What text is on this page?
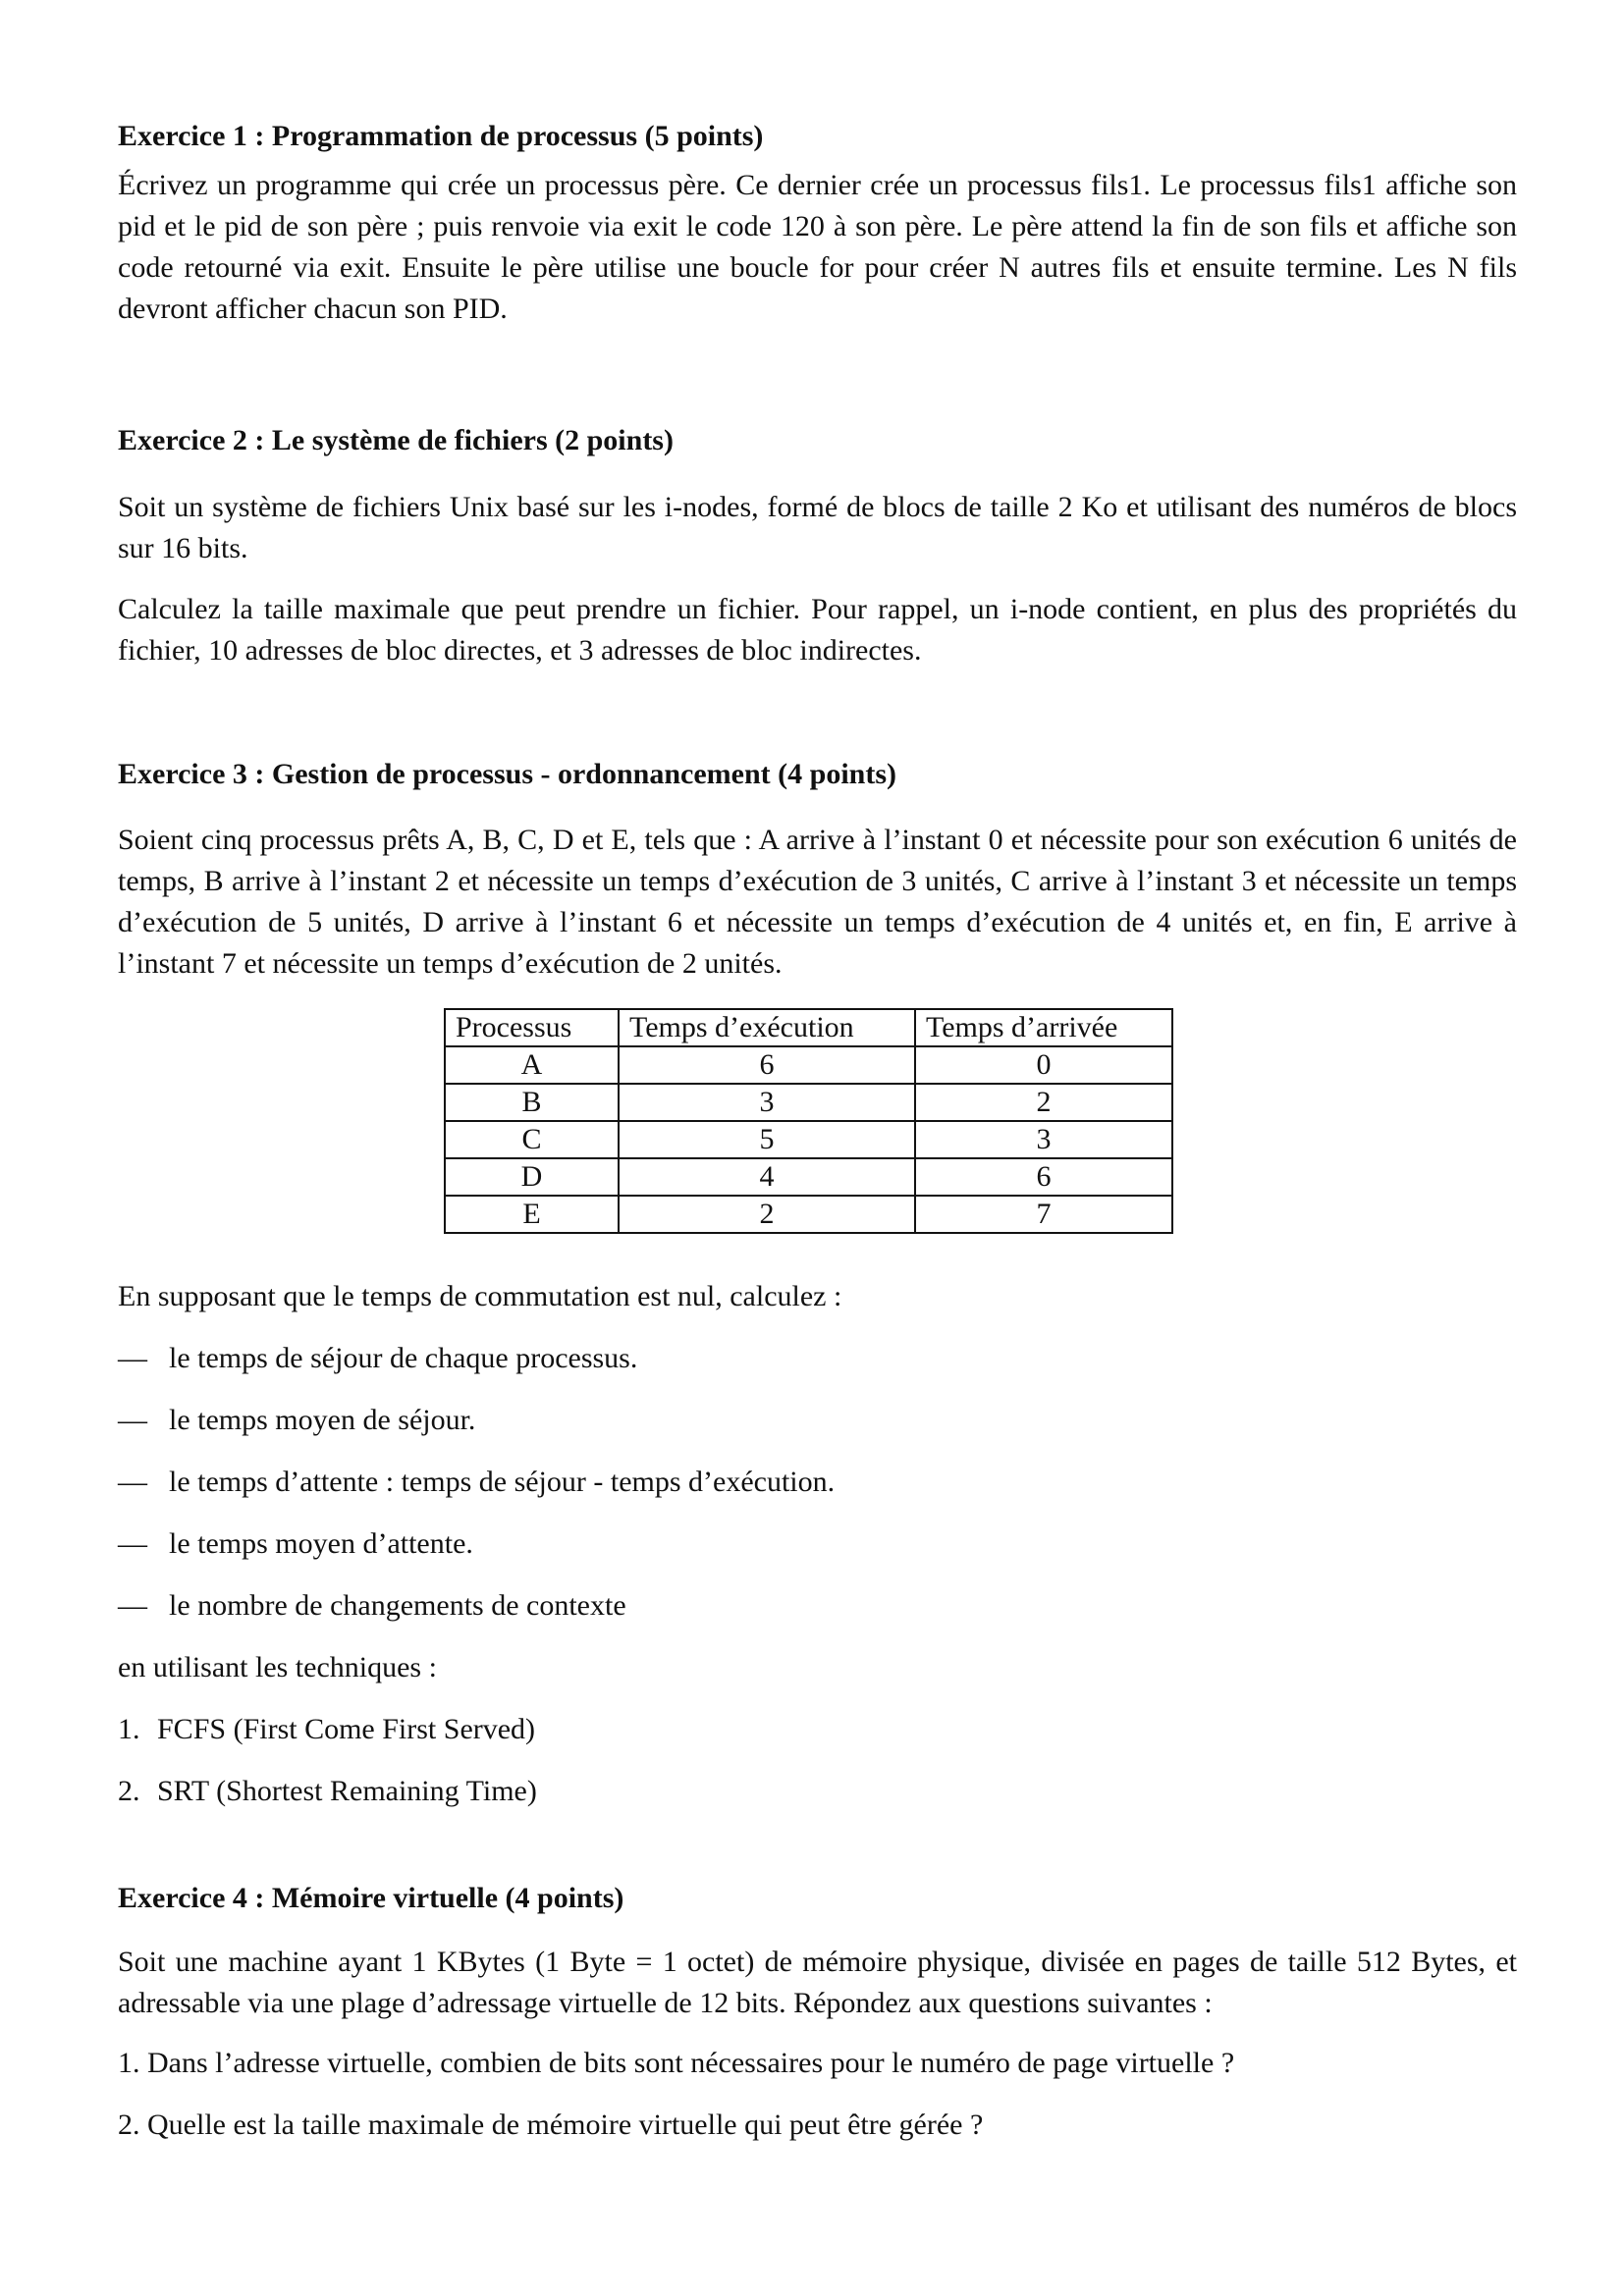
Exercice 1 : Programmation de processus (5 points)
Écrivez un programme qui crée un processus père. Ce dernier crée un processus fils1. Le processus fils1 affiche son pid et le pid de son père ; puis renvoie via exit le code 120 à son père. Le père attend la fin de son fils et affiche son code retourné via exit. Ensuite le père utilise une boucle for pour créer N autres fils et ensuite termine. Les N fils devront afficher chacun son PID.
Exercice 2 : Le système de fichiers (2 points)
Soit un système de fichiers Unix basé sur les i-nodes, formé de blocs de taille 2 Ko et utilisant des numéros de blocs sur 16 bits.
Calculez la taille maximale que peut prendre un fichier. Pour rappel, un i-node contient, en plus des propriétés du fichier, 10 adresses de bloc directes, et 3 adresses de bloc indirectes.
Exercice 3 : Gestion de processus - ordonnancement (4 points)
Soient cinq processus prêts A, B, C, D et E, tels que : A arrive à l’instant 0 et nécessite pour son exécution 6 unités de temps, B arrive à l’instant 2 et nécessite un temps d’exécution de 3 unités, C arrive à l’instant 3 et nécessite un temps d’exécution de 5 unités, D arrive à l’instant 6 et nécessite un temps d’exécution de 4 unités et, en fin, E arrive à l’instant 7 et nécessite un temps d’exécution de 2 unités.
Processus	Temps d’exécution	Temps d’arrivée
A	6	0
B	3	2
C	5	3
D	4	6
E	2	7
En supposant que le temps de commutation est nul, calculez :
— le temps de séjour de chaque processus.
— le temps moyen de séjour.
— le temps d’attente : temps de séjour - temps d’exécution.
— le temps moyen d’attente.
— le nombre de changements de contexte
en utilisant les techniques :
1. FCFS (First Come First Served)
2. SRT (Shortest Remaining Time)
Exercice 4 : Mémoire virtuelle (4 points)
Soit une machine ayant 1 KBytes (1 Byte = 1 octet) de mémoire physique, divisée en pages de taille 512 Bytes, et adressable via une plage d’adressage virtuelle de 12 bits. Répondez aux questions suivantes :
1. Dans l’adresse virtuelle, combien de bits sont nécessaires pour le numéro de page virtuelle ?
2. Quelle est la taille maximale de mémoire virtuelle qui peut être gérée ?
